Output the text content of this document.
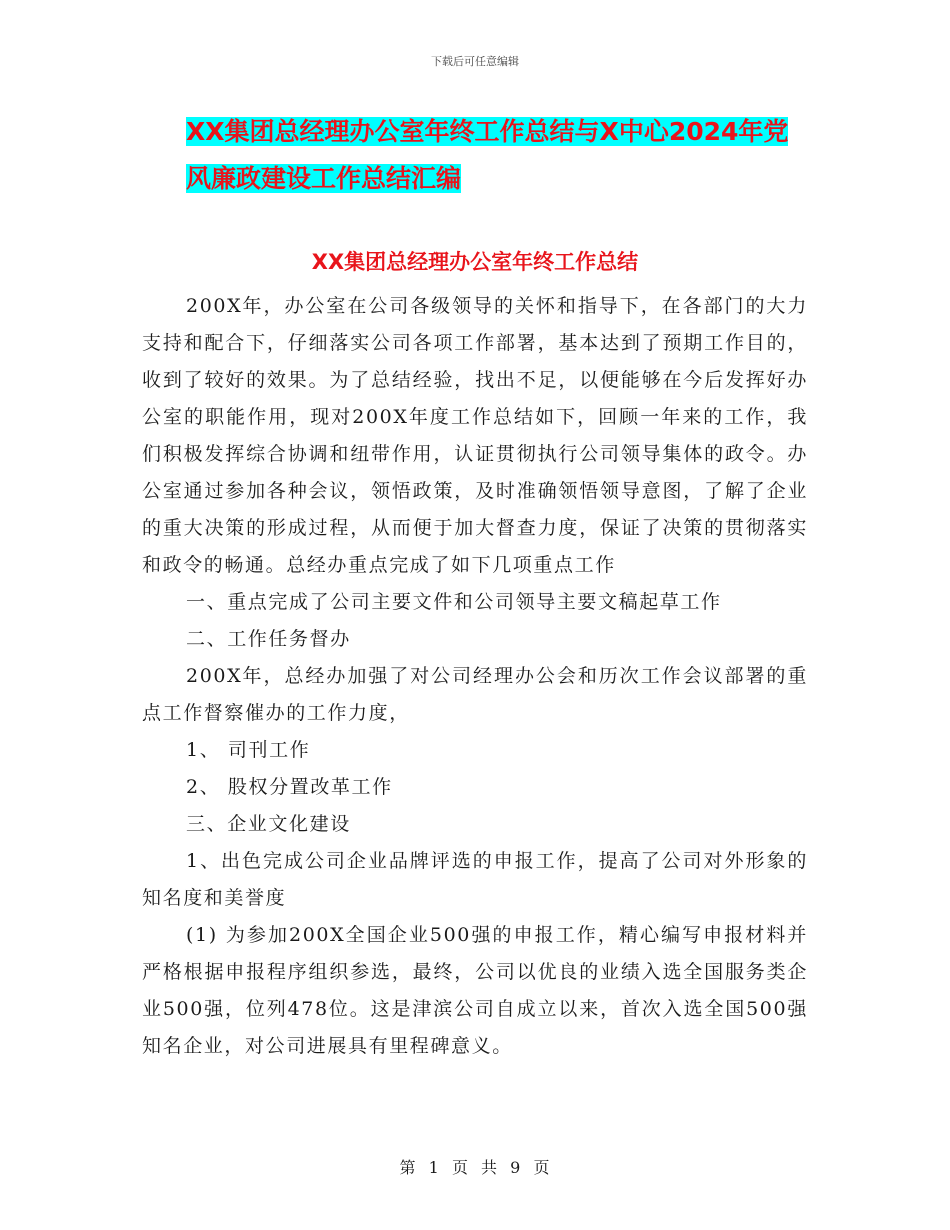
下载后可任意编辑
XX集团总经理办公室年终工作总结与X中心2024年党
风廉政建设工作总结汇编
XX集团总经理办公室年终工作总结

200X年，办公室在公司各级领导的关怀和指导下，在各部门的大力支持和配合下，仔细落实公司各项工作部署，基本达到了预期工作目的，收到了较好的效果。为了总结经验，找出不足，以便能够在今后发挥好办公室的职能作用，现对200X年度工作总结如下，回顾一年来的工作，我们积极发挥综合协调和纽带作用，认证贯彻执行公司领导集体的政令。办公室通过参加各种会议，领悟政策，及时准确领悟领导意图，了解了企业的重大决策的形成过程，从而便于加大督查力度，保证了决策的贯彻落实和政令的畅通。总经办重点完成了如下几项重点工作

一、重点完成了公司主要文件和公司领导主要文稿起草工作

二、工作任务督办

200X年，总经办加强了对公司经理办公会和历次工作会议部署的重点工作督察催办的工作力度，

1、 司刊工作

2、 股权分置改革工作

三、企业文化建设

1、出色完成公司企业品牌评选的申报工作，提高了公司对外形象的知名度和美誉度

(1) 为参加200X全国企业500强的申报工作，精心编写申报材料并严格根据申报程序组织参选，最终，公司以优良的业绩入选全国服务类企业500强，位列478位。这是津滨公司自成立以来，首次入选全国500强知名企业，对公司进展具有里程碑意义。

第 1 页 共 9 页
